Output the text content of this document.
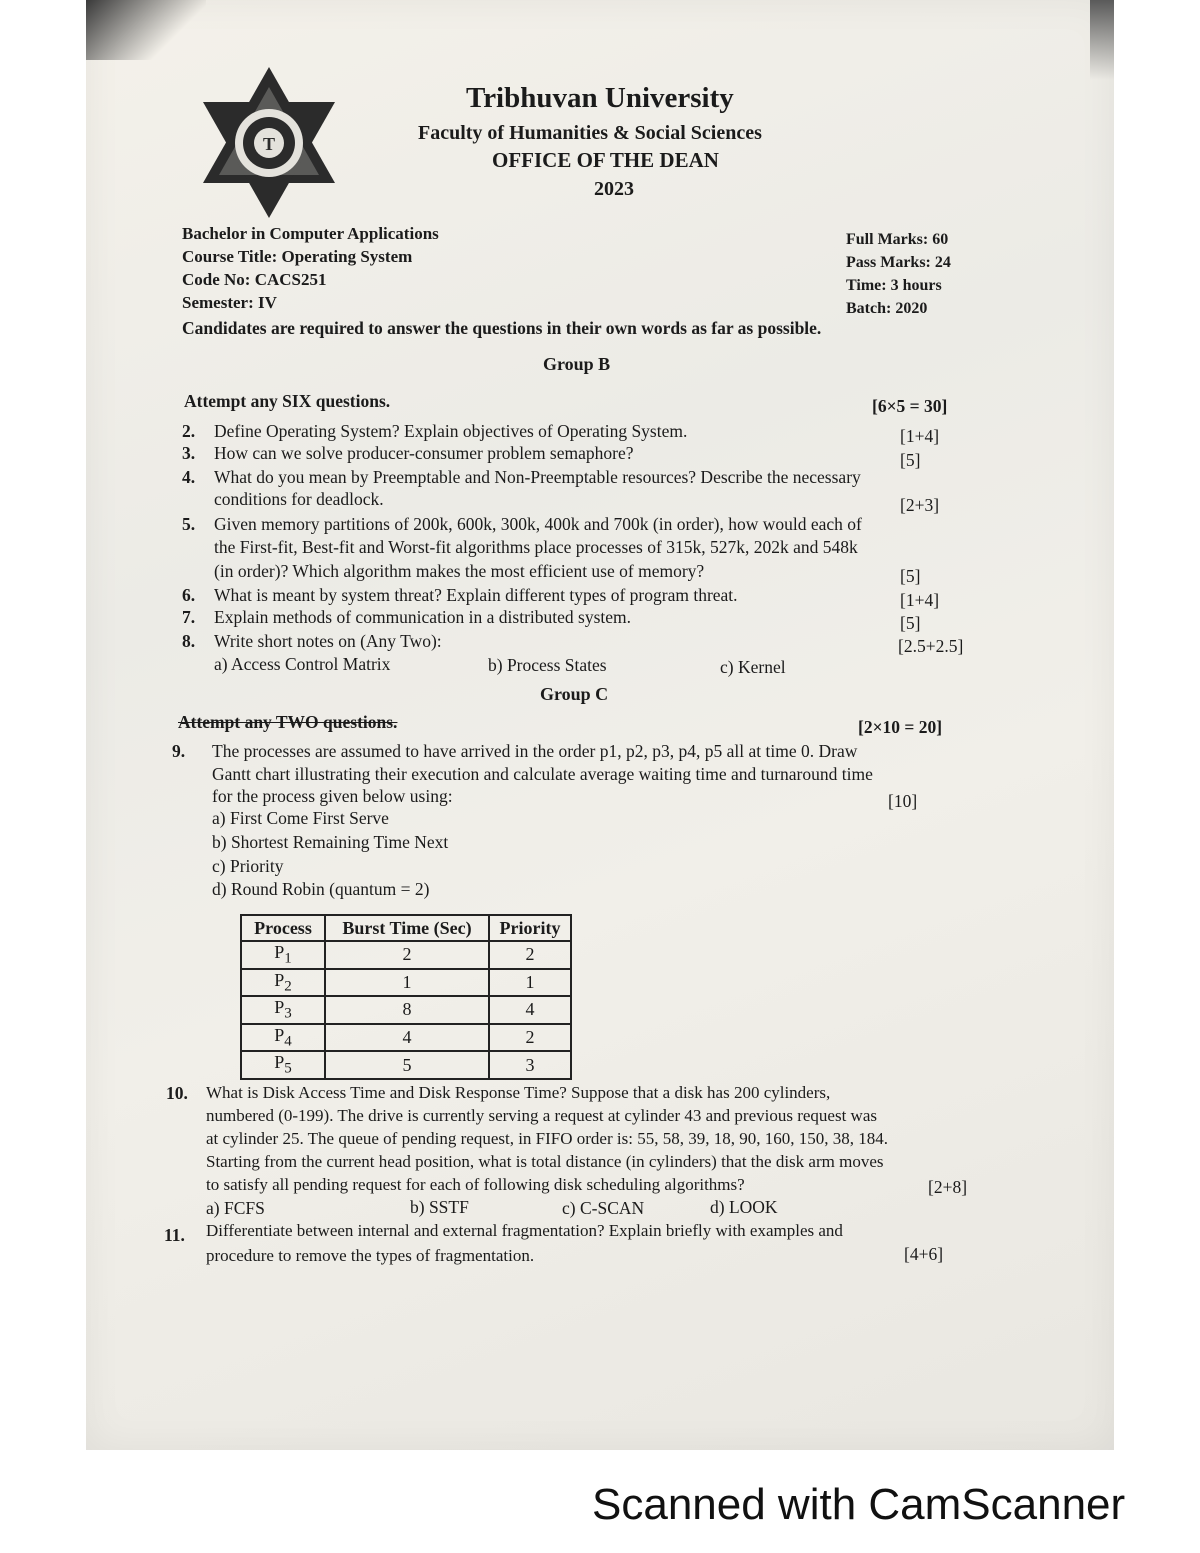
T
Tribhuvan University
Faculty of Humanities & Social Sciences
OFFICE OF THE DEAN
2023
Bachelor in Computer Applications
Course Title: Operating System
Code No: CACS251
Semester: IV
Full Marks: 60
Pass Marks: 24
Time: 3 hours
Batch: 2020
Candidates are required to answer the questions in their own words as far as possible.
Group B
Attempt any SIX questions.	[6×5 = 30]
2. Define Operating System? Explain objectives of Operating System.	[1+4]
3. How can we solve producer-consumer problem semaphore?	[5]
4. What do you mean by Preemptable and Non-Preemptable resources? Describe the necessary
conditions for deadlock.	[2+3]
5. Given memory partitions of 200k, 600k, 300k, 400k and 700k (in order), how would each of
the First-fit, Best-fit and Worst-fit algorithms place processes of 315k, 527k, 202k and 548k
(in order)? Which algorithm makes the most efficient use of memory?	[5]
6. What is meant by system threat? Explain different types of program threat.	[1+4]
7. Explain methods of communication in a distributed system.	[5]
8. Write short notes on (Any Two):	[2.5+2.5]
a) Access Control Matrix	b) Process States	c) Kernel
Group C
Attempt any TWO questions.	[2×10 = 20]
9. The processes are assumed to have arrived in the order p1, p2, p3, p4, p5 all at time 0. Draw
Gantt chart illustrating their execution and calculate average waiting time and turnaround time
for the process given below using:	[10]
a) First Come First Serve
b) Shortest Remaining Time Next
c) Priority
d) Round Robin (quantum = 2)
Process	Burst Time (Sec)	Priority
$P_1$	2	2
$P_2$	1	1
$P_3$	8	4
$P_4$	4	2
$P_5$	5	3
10. What is Disk Access Time and Disk Response Time? Suppose that a disk has 200 cylinders,
numbered (0-199). The drive is currently serving a request at cylinder 43 and previous request was
at cylinder 25. The queue of pending request, in FIFO order is: 55, 58, 39, 18, 90, 160, 150, 38, 184.
Starting from the current head position, what is total distance (in cylinders) that the disk arm moves
to satisfy all pending request for each of following disk scheduling algorithms?	[2+8]
a) FCFS	b) SSTF	c) C-SCAN	d) LOOK
11. Differentiate between internal and external fragmentation? Explain briefly with examples and
procedure to remove the types of fragmentation.	[4+6]
Scanned with CamScanner
